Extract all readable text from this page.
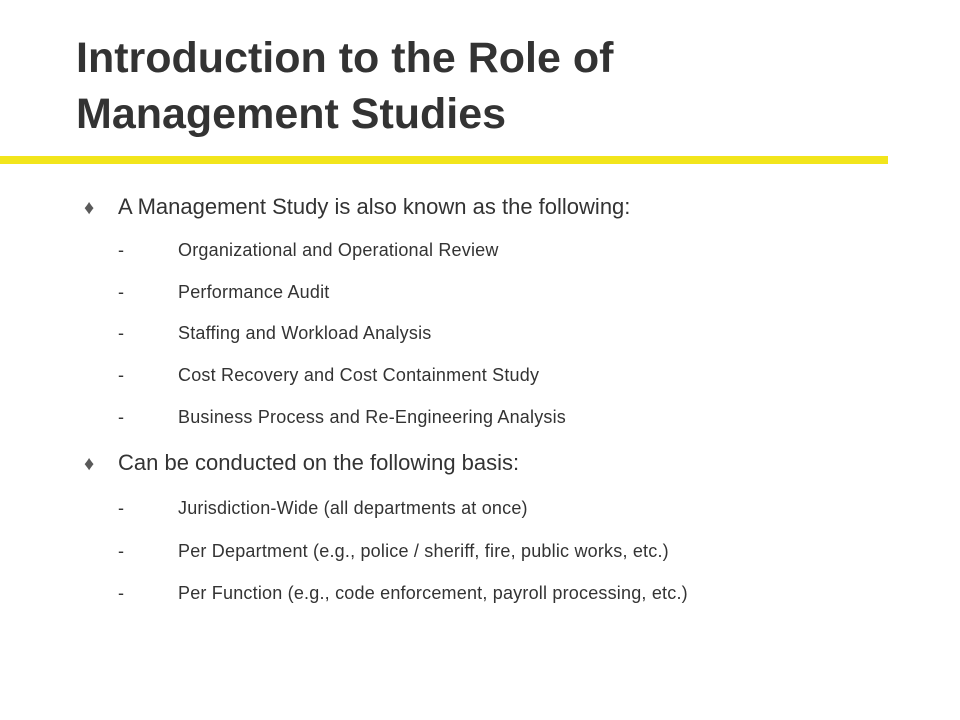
Introduction to the Role of
Management Studies
♦ A Management Study is also known as the following:
-	Organizational and Operational Review
-	Performance Audit
-	Staffing and Workload Analysis
-	Cost Recovery and Cost Containment Study
-	Business Process and Re-Engineering Analysis
♦ Can be conducted on the following basis:
-	Jurisdiction-Wide (all departments at once)
-	Per Department (e.g., police / sheriff, fire, public works, etc.)
-	Per Function (e.g., code enforcement, payroll processing, etc.)
